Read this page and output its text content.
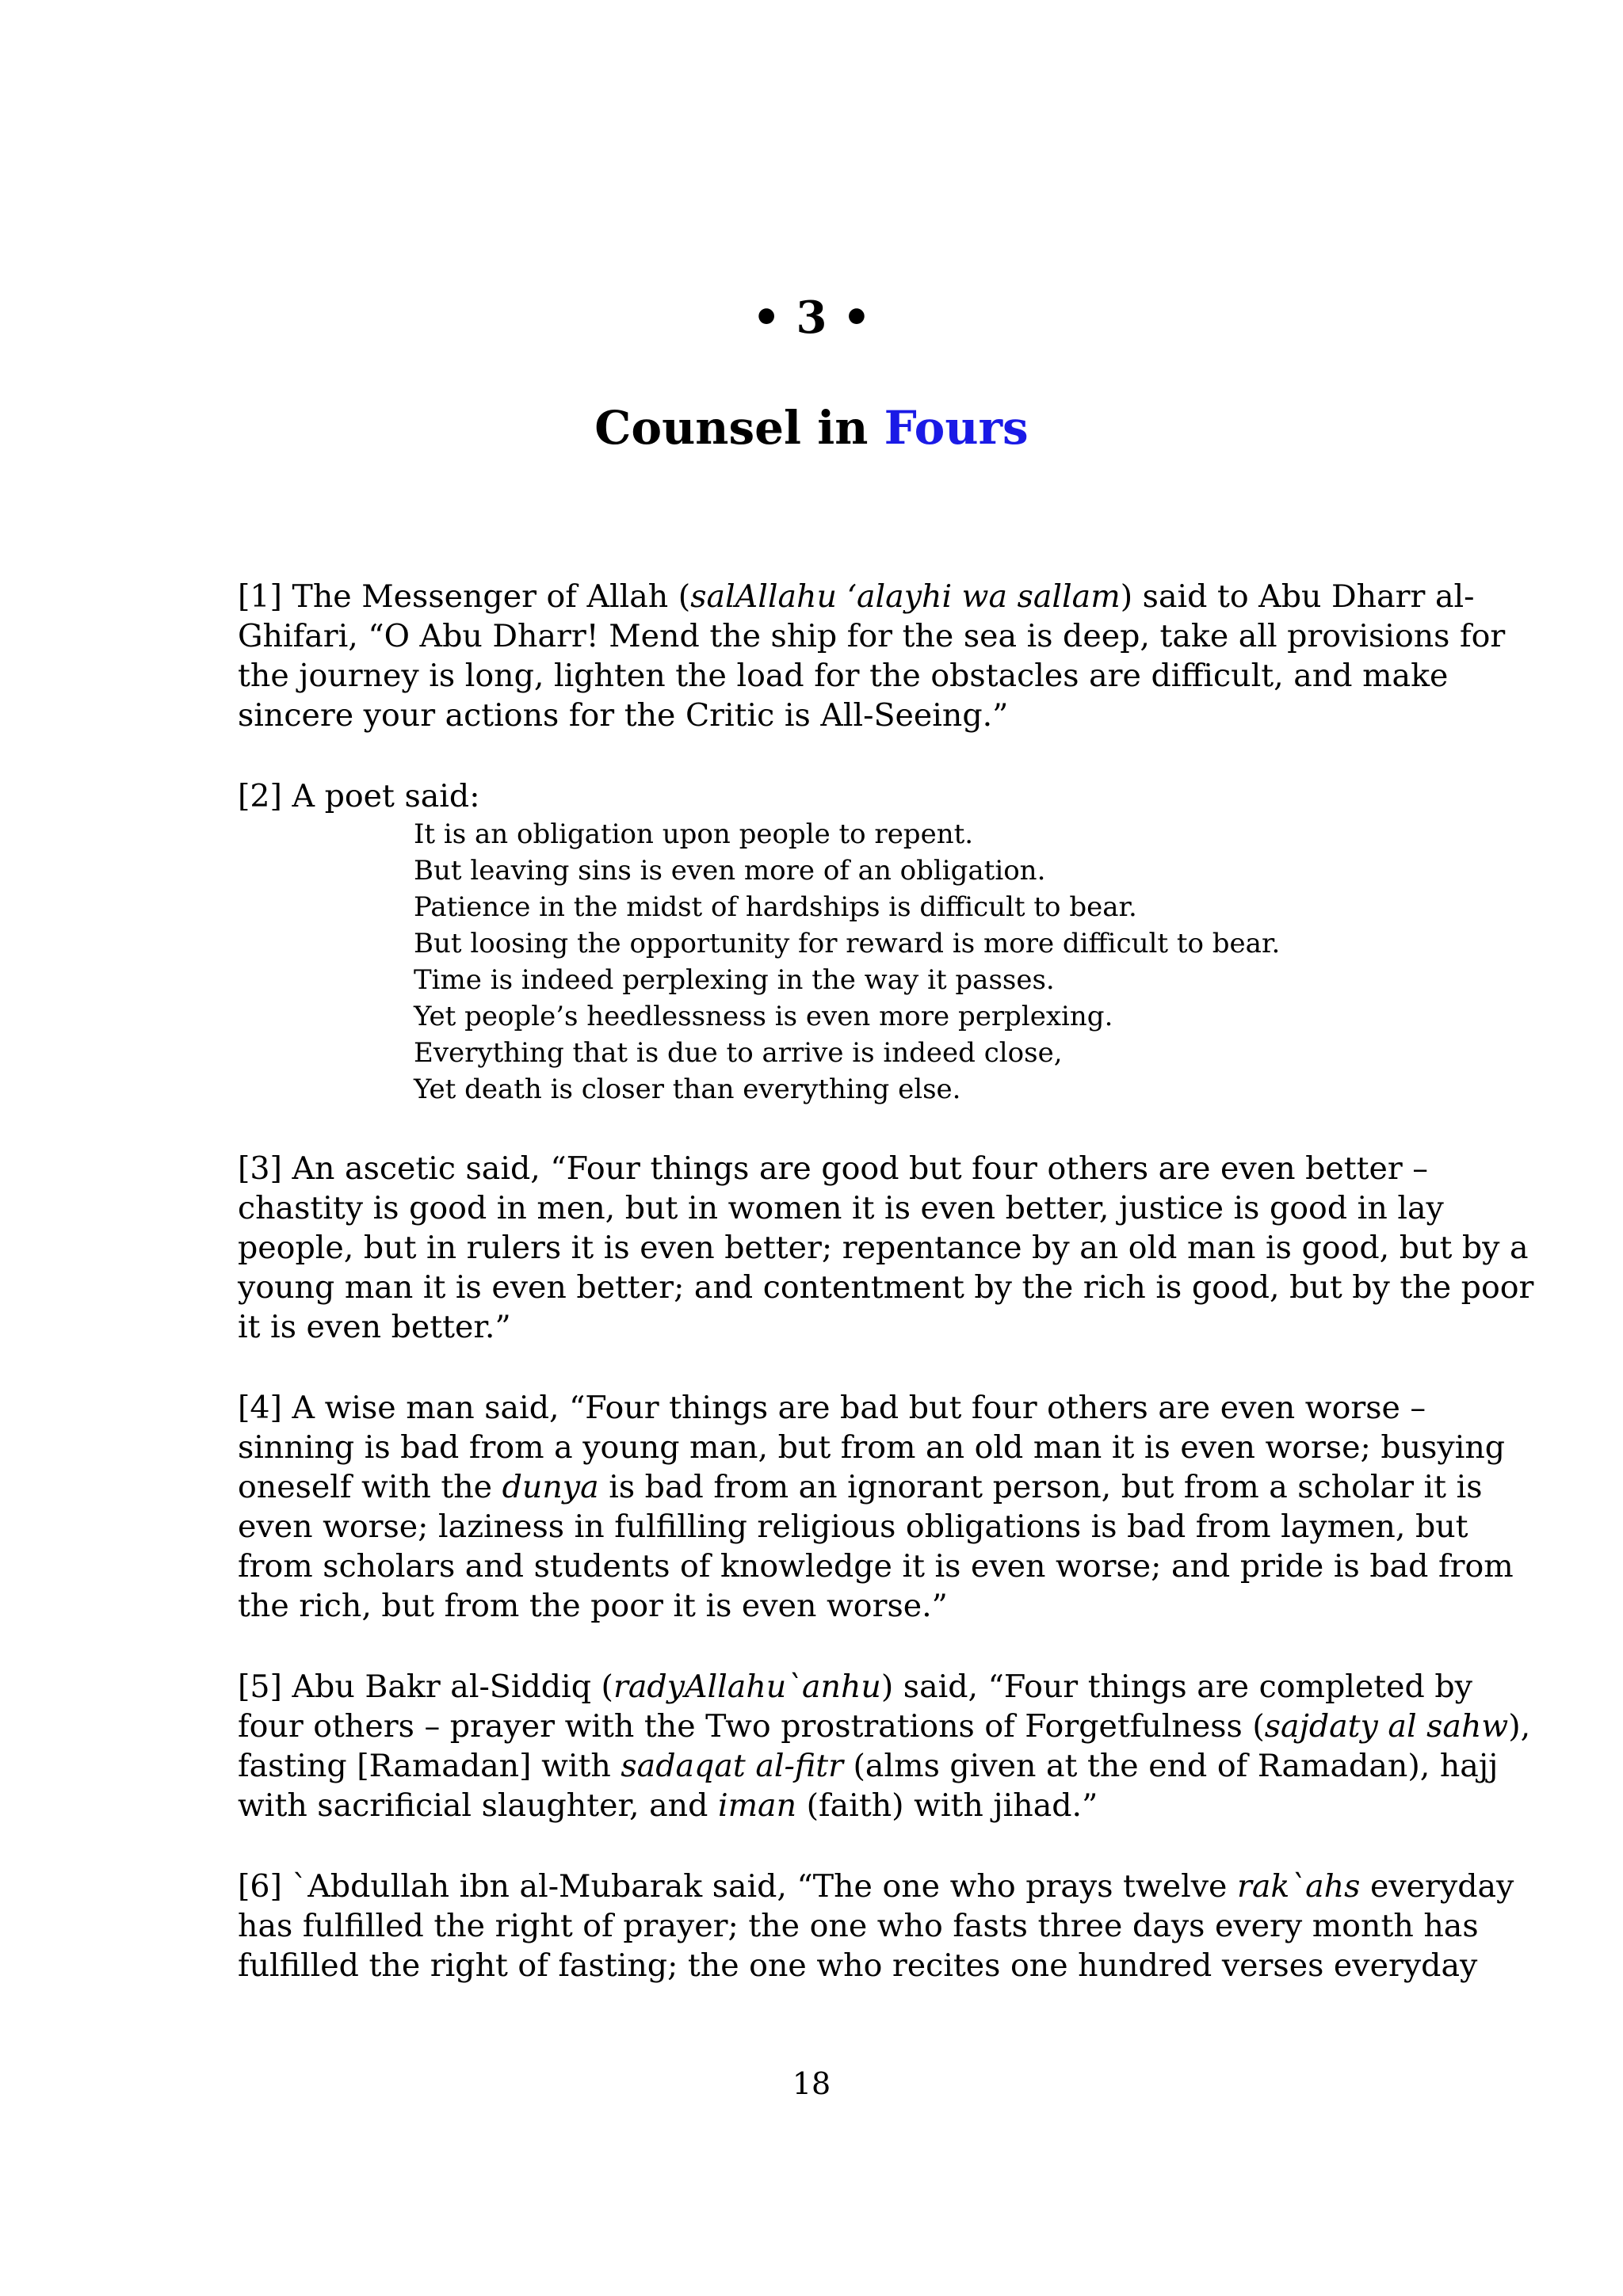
• 3 •
Counsel in Fours
[1] The Messenger of Allah (salAllahu ‘alayhi wa sallam) said to Abu Dharr al-
Ghifari, “O Abu Dharr! Mend the ship for the sea is deep, take all provisions for
the journey is long, lighten the load for the obstacles are difficult, and make
sincere your actions for the Critic is All-Seeing.”
[2] A poet said:
It is an obligation upon people to repent.
But leaving sins is even more of an obligation.
Patience in the midst of hardships is difficult to bear.
But loosing the opportunity for reward is more difficult to bear.
Time is indeed perplexing in the way it passes.
Yet people’s heedlessness is even more perplexing.
Everything that is due to arrive is indeed close,
Yet death is closer than everything else.
[3] An ascetic said, “Four things are good but four others are even better –
chastity is good in men, but in women it is even better, justice is good in lay
people, but in rulers it is even better; repentance by an old man is good, but by a
young man it is even better; and contentment by the rich is good, but by the poor
it is even better.”
[4] A wise man said, “Four things are bad but four others are even worse –
sinning is bad from a young man, but from an old man it is even worse; busying
oneself with the dunya is bad from an ignorant person, but from a scholar it is
even worse; laziness in fulfilling religious obligations is bad from laymen, but
from scholars and students of knowledge it is even worse; and pride is bad from
the rich, but from the poor it is even worse.”
[5] Abu Bakr al-Siddiq (radyAllahu`anhu) said, “Four things are completed by
four others – prayer with the Two prostrations of Forgetfulness (sajdaty al sahw),
fasting [Ramadan] with sadaqat al-fitr (alms given at the end of Ramadan), hajj
with sacrificial slaughter, and iman (faith) with jihad.”
[6] `Abdullah ibn al-Mubarak said, “The one who prays twelve rak`ahs everyday
has fulfilled the right of prayer; the one who fasts three days every month has
fulfilled the right of fasting; the one who recites one hundred verses everyday
18
